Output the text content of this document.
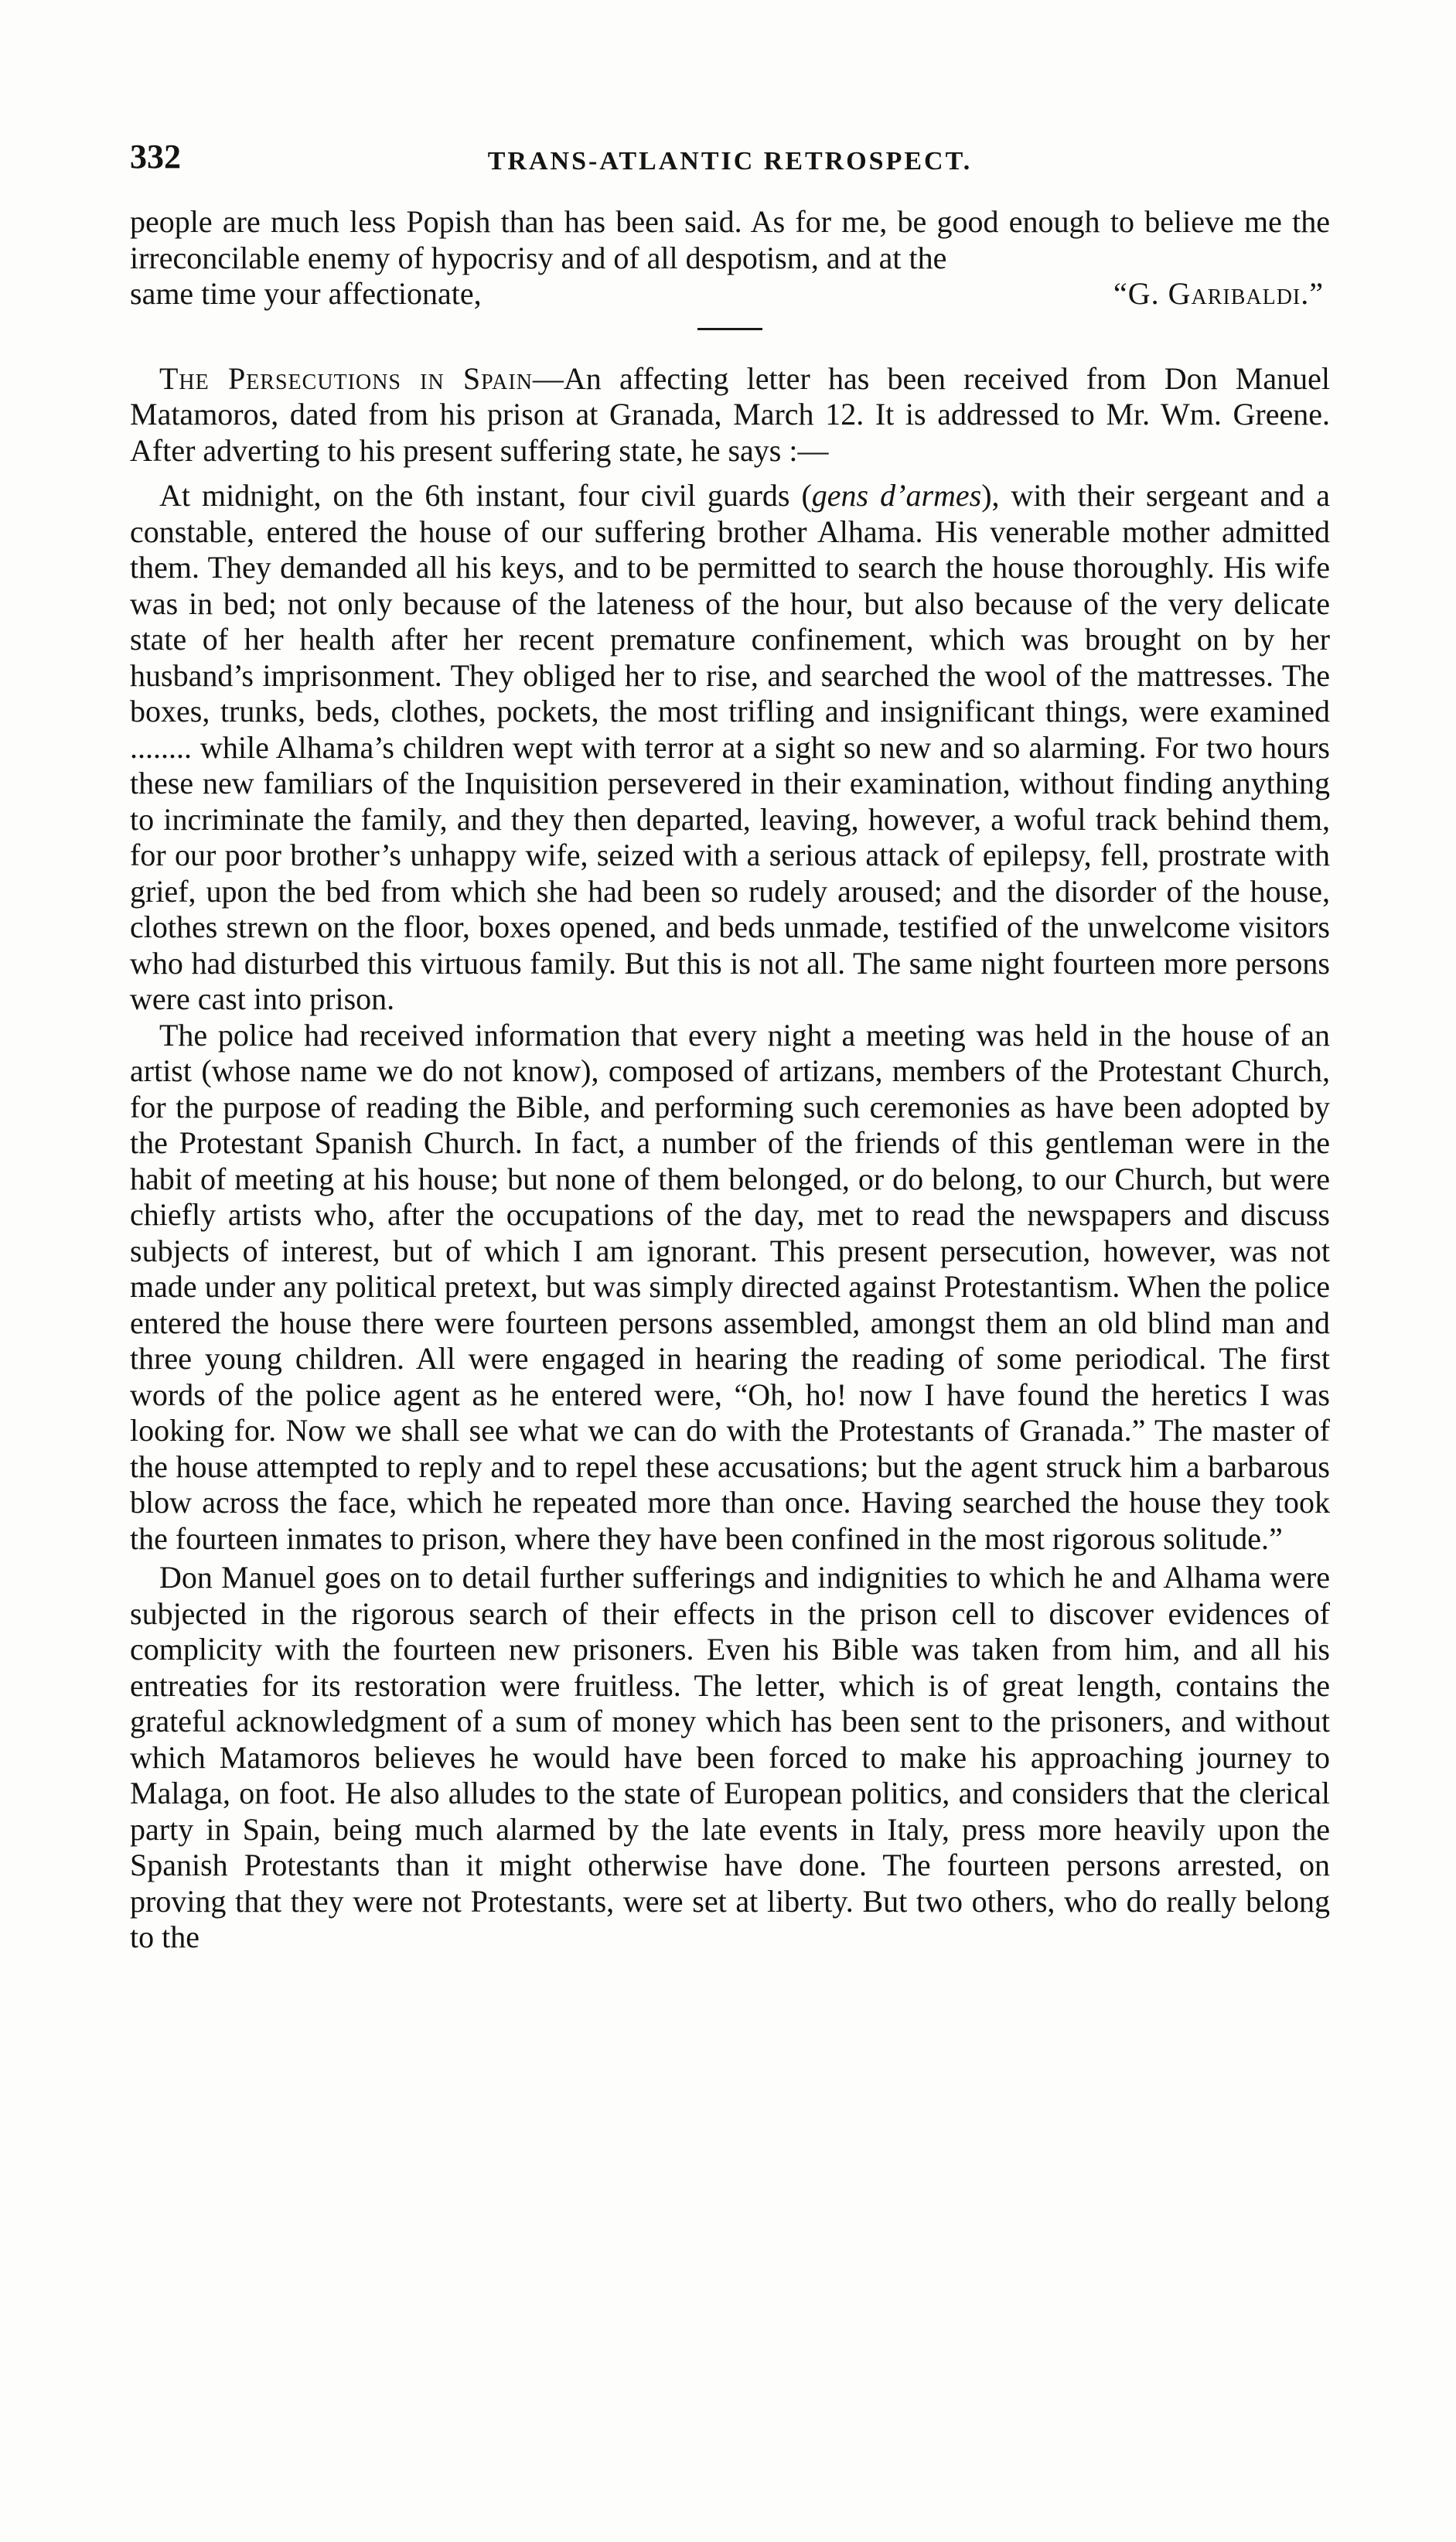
332	TRANS-ATLANTIC RETROSPECT.

people are much less Popish than has been said. As for me, be good enough to believe me the irreconcilable enemy of hypocrisy and of all despotism, and at the

same time your affectionate,	“G. Garibaldi.”

The Persecutions in Spain—An affecting letter has been received from Don Manuel Matamoros, dated from his prison at Granada, March 12. It is addressed to Mr. Wm. Greene. After adverting to his present suffering state, he says :—

At midnight, on the 6th instant, four civil guards (gens d’armes), with their sergeant and a constable, entered the house of our suffering brother Alhama. His venerable mother admitted them. They demanded all his keys, and to be permitted to search the house thoroughly. His wife was in bed; not only because of the lateness of the hour, but also because of the very delicate state of her health after her recent premature confinement, which was brought on by her husband’s imprisonment. They obliged her to rise, and searched the wool of the mattresses. The boxes, trunks, beds, clothes, pockets, the most trifling and insignificant things, were examined ........ while Alhama’s children wept with terror at a sight so new and so alarming. For two hours these new familiars of the Inquisition persevered in their examination, without finding anything to incriminate the family, and they then departed, leaving, however, a woful track behind them, for our poor brother’s unhappy wife, seized with a serious attack of epilepsy, fell, prostrate with grief, upon the bed from which she had been so rudely aroused; and the disorder of the house, clothes strewn on the floor, boxes opened, and beds unmade, testified of the unwelcome visitors who had disturbed this virtuous family. But this is not all. The same night fourteen more persons were cast into prison.

The police had received information that every night a meeting was held in the house of an artist (whose name we do not know), composed of artizans, members of the Protestant Church, for the purpose of reading the Bible, and performing such ceremonies as have been adopted by the Protestant Spanish Church. In fact, a number of the friends of this gentleman were in the habit of meeting at his house; but none of them belonged, or do belong, to our Church, but were chiefly artists who, after the occupations of the day, met to read the newspapers and discuss subjects of interest, but of which I am ignorant. This present persecution, however, was not made under any political pretext, but was simply directed against Protestantism. When the police entered the house there were fourteen persons assembled, amongst them an old blind man and three young children. All were engaged in hearing the reading of some periodical. The first words of the police agent as he entered were, “Oh, ho! now I have found the heretics I was looking for. Now we shall see what we can do with the Protestants of Granada.” The master of the house attempted to reply and to repel these accusations; but the agent struck him a barbarous blow across the face, which he repeated more than once. Having searched the house they took the fourteen inmates to prison, where they have been confined in the most rigorous solitude.”

Don Manuel goes on to detail further sufferings and indignities to which he and Alhama were subjected in the rigorous search of their effects in the prison cell to discover evidences of complicity with the fourteen new prisoners. Even his Bible was taken from him, and all his entreaties for its restoration were fruitless. The letter, which is of great length, contains the grateful acknowledgment of a sum of money which has been sent to the prisoners, and without which Matamoros believes he would have been forced to make his approaching journey to Malaga, on foot. He also alludes to the state of European politics, and considers that the clerical party in Spain, being much alarmed by the late events in Italy, press more heavily upon the Spanish Protestants than it might otherwise have done. The fourteen persons arrested, on proving that they were not Protestants, were set at liberty. But two others, who do really belong to the
